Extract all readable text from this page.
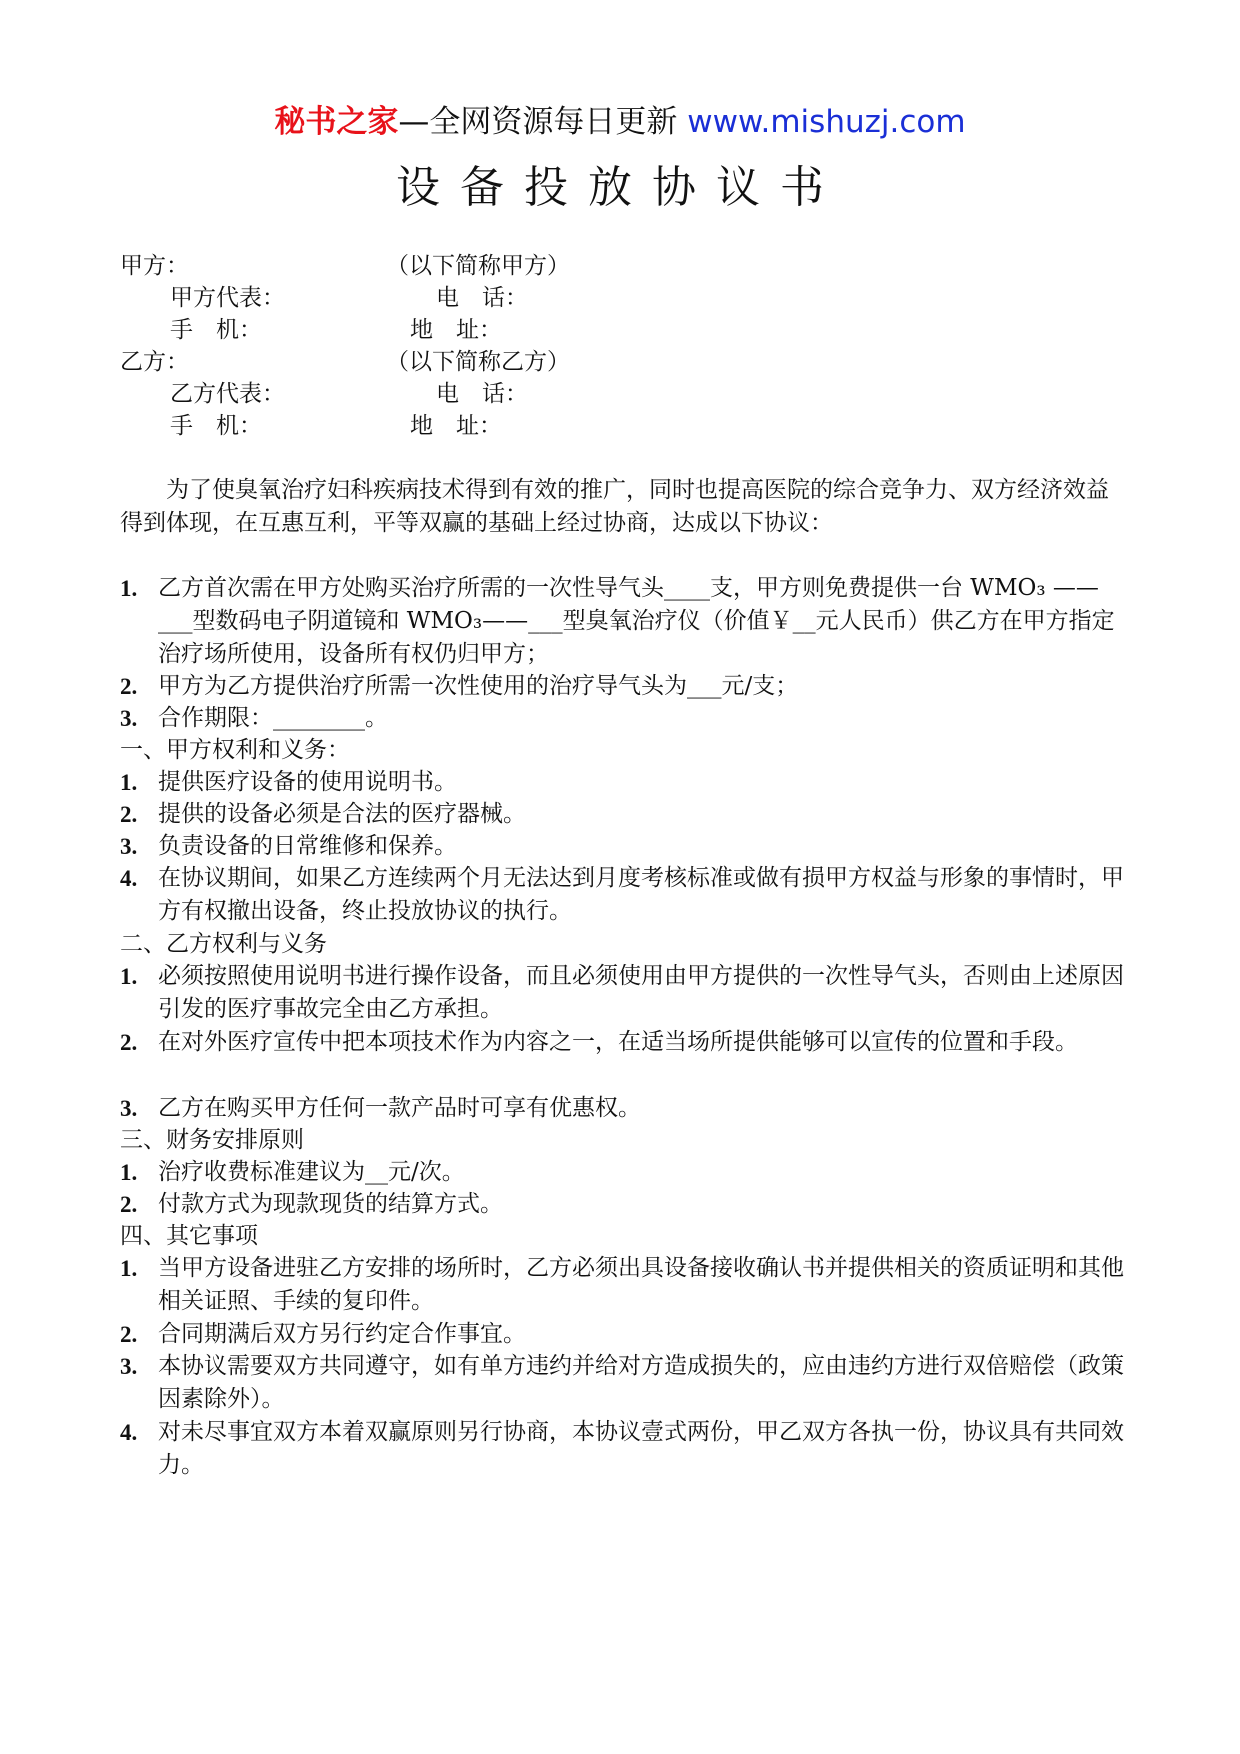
秘书之家—全网资源每日更新 www.mishuzj.com
设备投放协议书
甲方：	（以下简称甲方）
甲方代表：	电　话：
手　机：	地　址：
乙方：	（以下简称乙方）
乙方代表：	电　话：
手　机：	地　址：
为了使臭氧治疗妇科疾病技术得到有效的推广，同时也提高医院的综合竞争力、双方经济效益得到体现，在互惠互利，平等双赢的基础上经过协商，达成以下协议：
1. 乙方首次需在甲方处购买治疗所需的一次性导气头____支，甲方则免费提供一台 WMO₃ ——___型数码电子阴道镜和 WMO₃——___型臭氧治疗仪（价值￥__元人民币）供乙方在甲方指定治疗场所使用，设备所有权仍归甲方；
2. 甲方为乙方提供治疗所需一次性使用的治疗导气头为___元/支；
3. 合作期限：________。
一、甲方权利和义务：
1. 提供医疗设备的使用说明书。
2. 提供的设备必须是合法的医疗器械。
3. 负责设备的日常维修和保养。
4. 在协议期间，如果乙方连续两个月无法达到月度考核标准或做有损甲方权益与形象的事情时，甲方有权撤出设备，终止投放协议的执行。
二、乙方权利与义务
1. 必须按照使用说明书进行操作设备，而且必须使用由甲方提供的一次性导气头，否则由上述原因引发的医疗事故完全由乙方承担。
2. 在对外医疗宣传中把本项技术作为内容之一，在适当场所提供能够可以宣传的位置和手段。
3. 乙方在购买甲方任何一款产品时可享有优惠权。
三、财务安排原则
1. 治疗收费标准建议为__元/次。
2. 付款方式为现款现货的结算方式。
四、其它事项
1. 当甲方设备进驻乙方安排的场所时，乙方必须出具设备接收确认书并提供相关的资质证明和其他相关证照、手续的复印件。
2. 合同期满后双方另行约定合作事宜。
3. 本协议需要双方共同遵守，如有单方违约并给对方造成损失的，应由违约方进行双倍赔偿（政策因素除外）。
4. 对未尽事宜双方本着双赢原则另行协商，本协议壹式两份，甲乙双方各执一份，协议具有共同效力。
